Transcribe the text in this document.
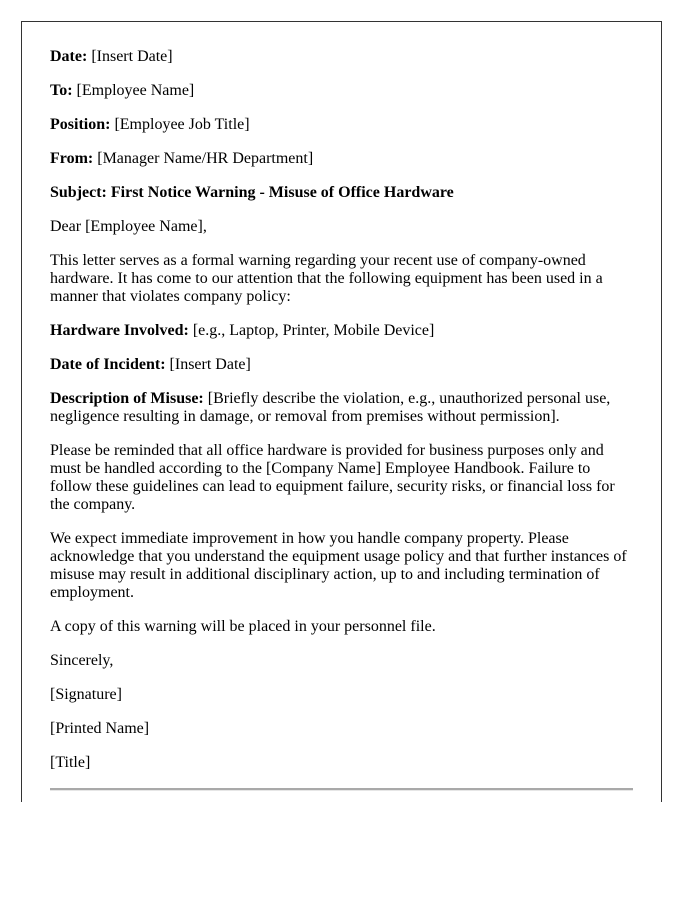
Date: [Insert Date]

To: [Employee Name]

Position: [Employee Job Title]

From: [Manager Name/HR Department]

Subject: First Notice Warning - Misuse of Office Hardware

Dear [Employee Name],

This letter serves as a formal warning regarding your recent use of company-owned hardware. It has come to our attention that the following equipment has been used in a manner that violates company policy:

Hardware Involved: [e.g., Laptop, Printer, Mobile Device]

Date of Incident: [Insert Date]

Description of Misuse: [Briefly describe the violation, e.g., unauthorized personal use, negligence resulting in damage, or removal from premises without permission].

Please be reminded that all office hardware is provided for business purposes only and must be handled according to the [Company Name] Employee Handbook. Failure to follow these guidelines can lead to equipment failure, security risks, or financial loss for the company.

We expect immediate improvement in how you handle company property. Please acknowledge that you understand the equipment usage policy and that further instances of misuse may result in additional disciplinary action, up to and including termination of employment.

A copy of this warning will be placed in your personnel file.

Sincerely,

[Signature]

[Printed Name]

[Title]
